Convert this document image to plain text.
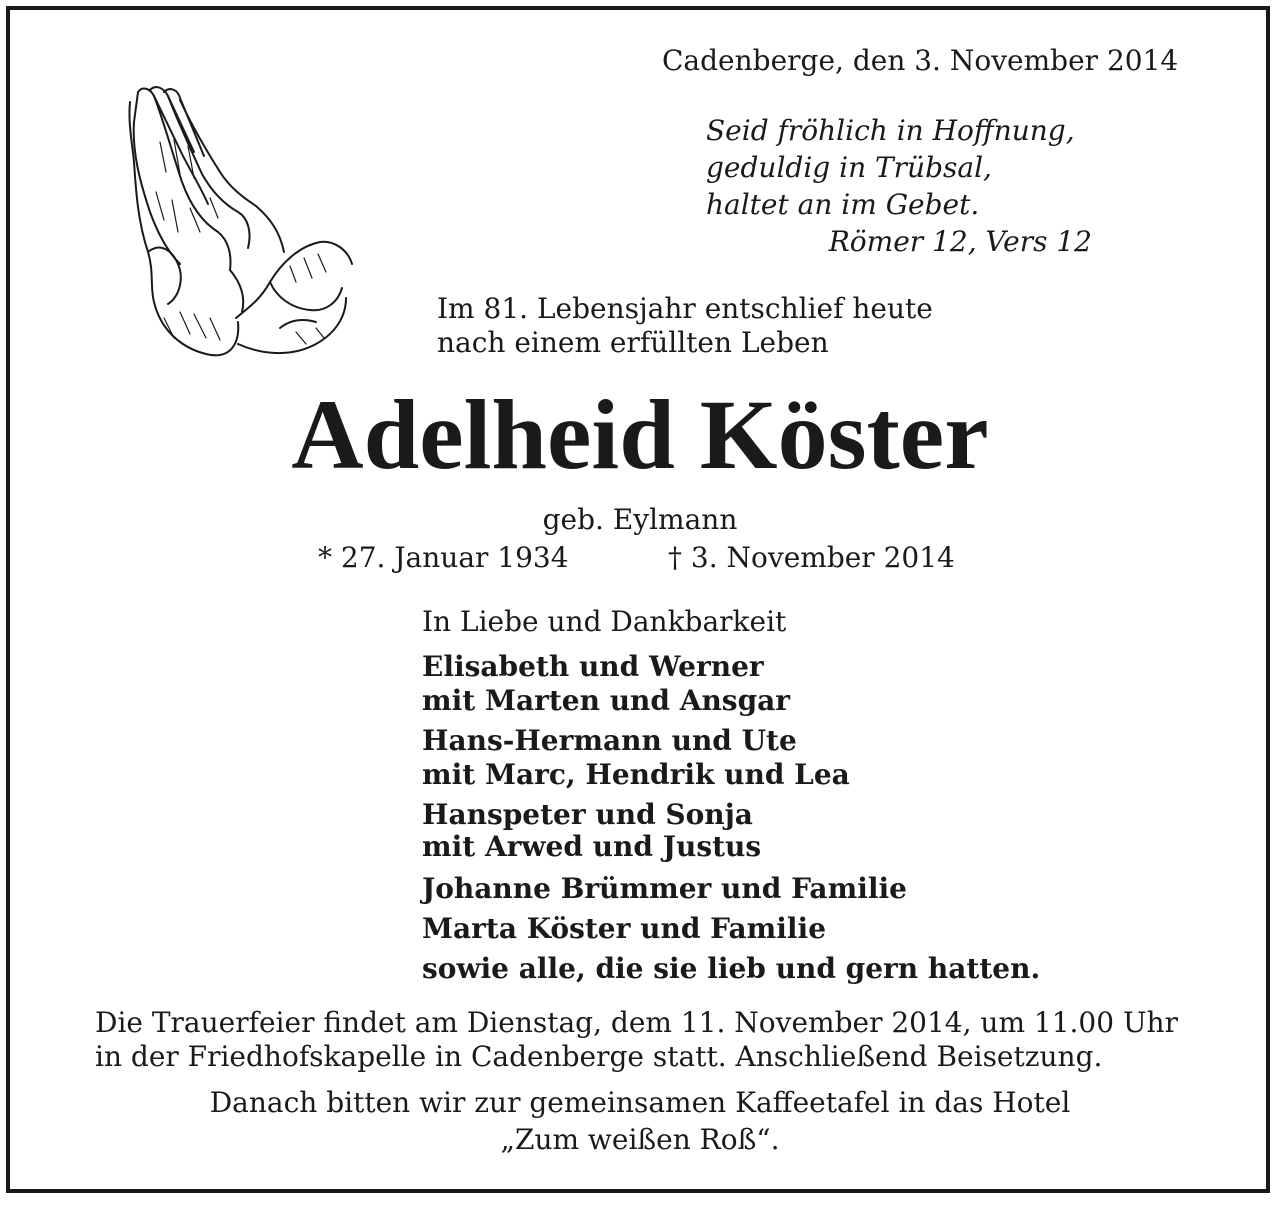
Cadenberge, den 3. November 2014
Seid fröhlich in Hoffnung,
geduldig in Trübsal,
haltet an im Gebet.
Römer 12, Vers 12
Im 81. Lebensjahr entschlief heute
nach einem erfüllten Leben
Adelheid Köster
geb. Eylmann
* 27. Januar 1934	† 3. November 2014
In Liebe und Dankbarkeit
Elisabeth und Werner
mit Marten und Ansgar
Hans-Hermann und Ute
mit Marc, Hendrik und Lea
Hanspeter und Sonja
mit Arwed und Justus
Johanne Brümmer und Familie
Marta Köster und Familie
sowie alle, die sie lieb und gern hatten.
Die Trauerfeier findet am Dienstag, dem 11. November 2014, um 11.00 Uhr
in der Friedhofskapelle in Cadenberge statt. Anschließend Beisetzung.
Danach bitten wir zur gemeinsamen Kaffeetafel in das Hotel
„Zum weißen Roß“.
